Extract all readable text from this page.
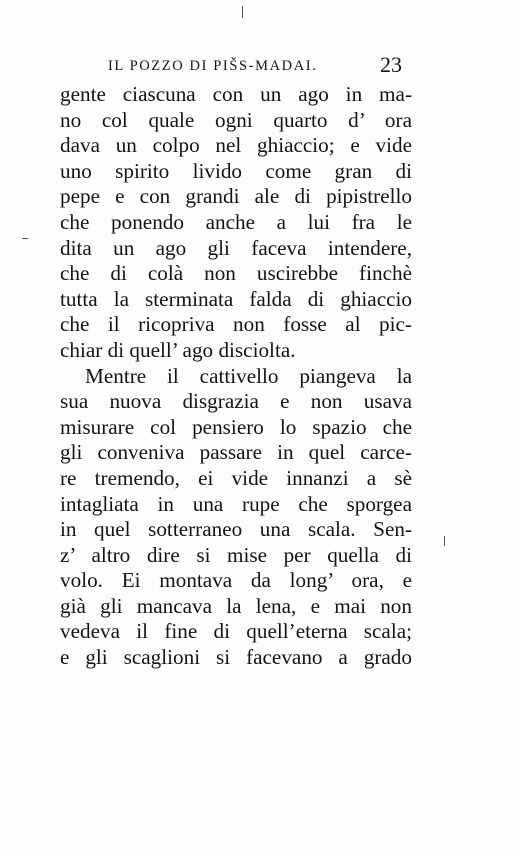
IL POZZO DI PIŠS-MADAI.	23
gente ciascuna con un ago in ma-
no col quale ogni quarto d’ ora
dava un colpo nel ghiaccio; e vide
uno spirito livido come gran di
pepe e con grandi ale di pipistrello
che ponendo anche a lui fra le
dita un ago gli faceva intendere,
che di colà non uscirebbe finchè
tutta la sterminata falda di ghiaccio
che il ricopriva non fosse al pic-
chiar di quell’ ago disciolta.
Mentre il cattivello piangeva la
sua nuova disgrazia e non usava
misurare col pensiero lo spazio che
gli conveniva passare in quel carce-
re tremendo, ei vide innanzi a sè
intagliata in una rupe che sporgea
in quel sotterraneo una scala. Sen-
z’ altro dire si mise per quella di
volo. Ei montava da long’ ora, e
già gli mancava la lena, e mai non
vedeva il fine di quell’eterna scala;
e gli scaglioni si facevano a grado
